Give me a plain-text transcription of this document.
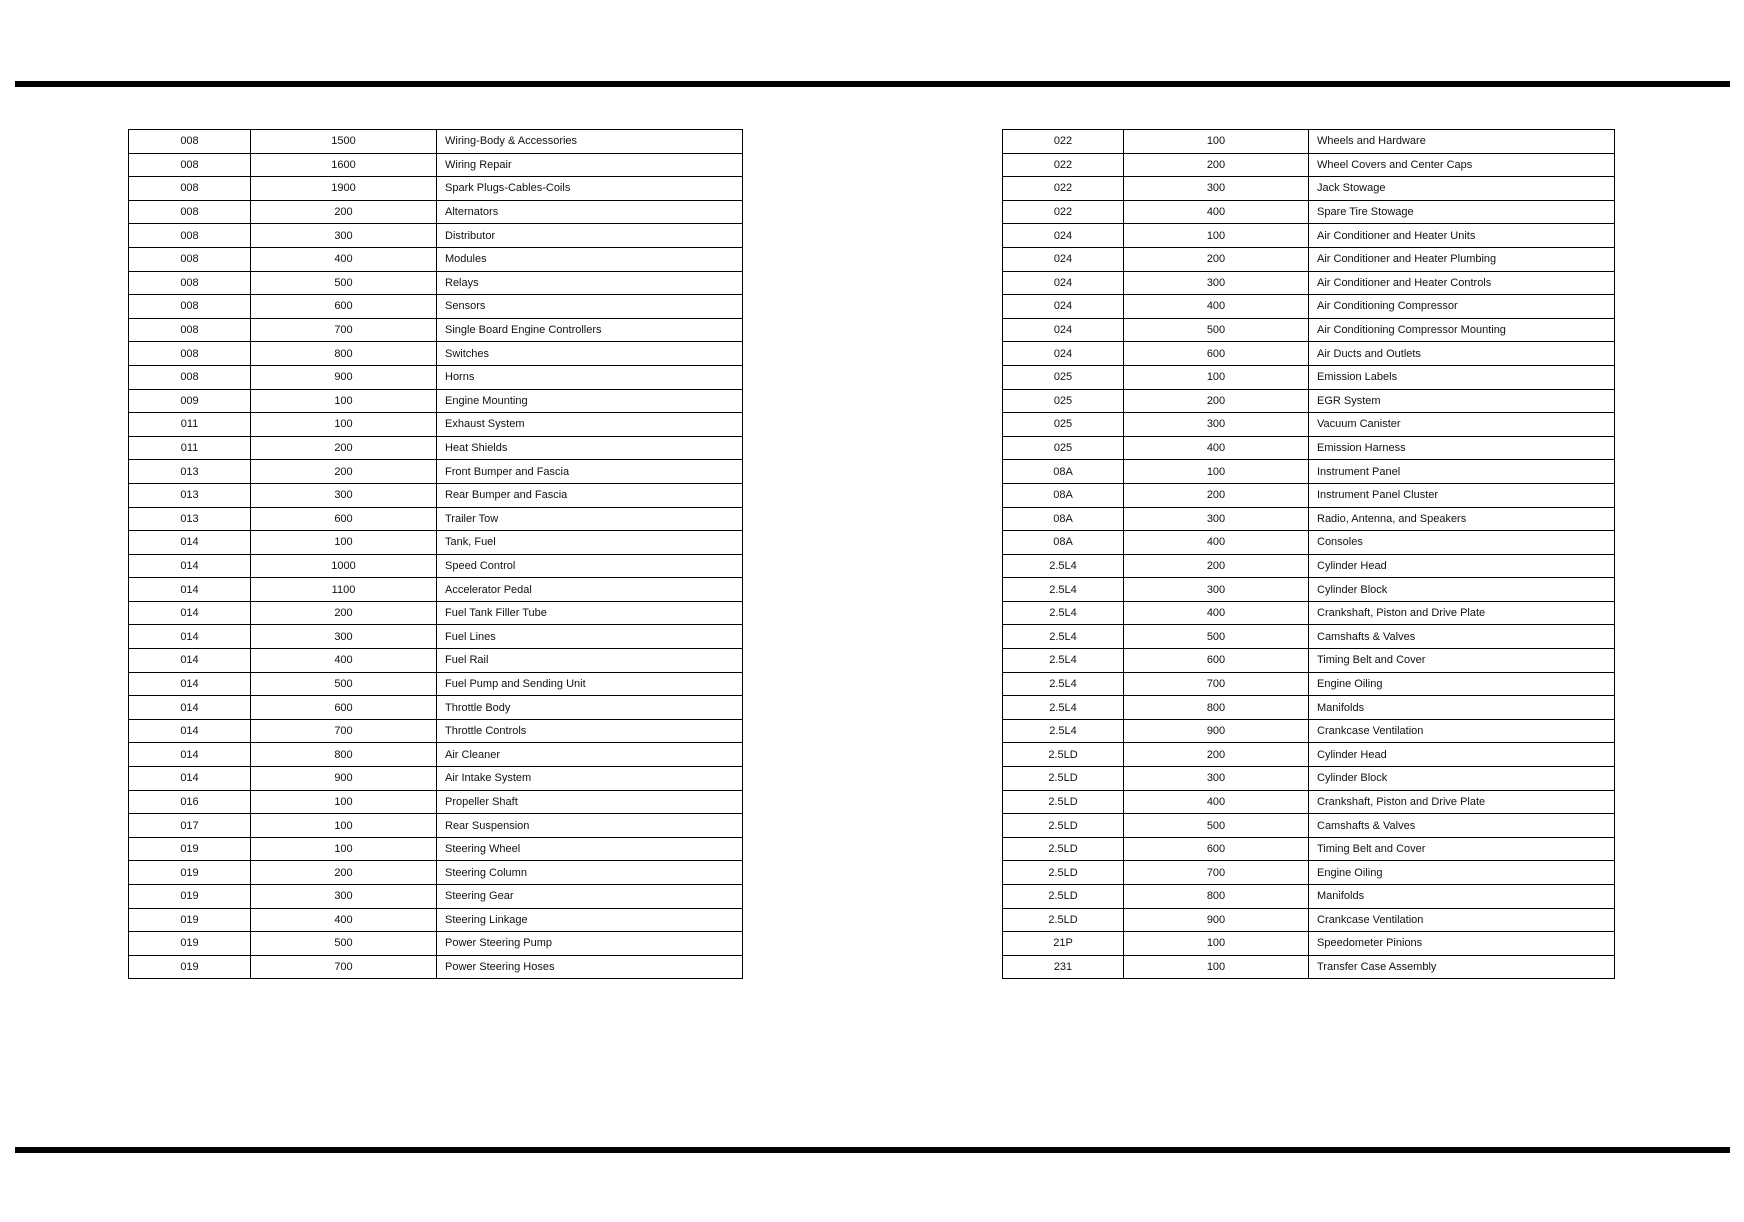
008	1500	Wiring-Body & Accessories
008	1600	Wiring Repair
008	1900	Spark Plugs-Cables-Coils
008	200	Alternators
008	300	Distributor
008	400	Modules
008	500	Relays
008	600	Sensors
008	700	Single Board Engine Controllers
008	800	Switches
008	900	Horns
009	100	Engine Mounting
011	100	Exhaust System
011	200	Heat Shields
013	200	Front Bumper and Fascia
013	300	Rear Bumper and Fascia
013	600	Trailer Tow
014	100	Tank, Fuel
014	1000	Speed Control
014	1100	Accelerator Pedal
014	200	Fuel Tank Filler Tube
014	300	Fuel Lines
014	400	Fuel Rail
014	500	Fuel Pump and Sending Unit
014	600	Throttle Body
014	700	Throttle Controls
014	800	Air Cleaner
014	900	Air Intake System
016	100	Propeller Shaft
017	100	Rear Suspension
019	100	Steering Wheel
019	200	Steering Column
019	300	Steering Gear
019	400	Steering Linkage
019	500	Power Steering Pump
019	700	Power Steering Hoses
022	100	Wheels and Hardware
022	200	Wheel Covers and Center Caps
022	300	Jack Stowage
022	400	Spare Tire Stowage
024	100	Air Conditioner and Heater Units
024	200	Air Conditioner and Heater Plumbing
024	300	Air Conditioner and Heater Controls
024	400	Air Conditioning Compressor
024	500	Air Conditioning Compressor Mounting
024	600	Air Ducts and Outlets
025	100	Emission Labels
025	200	EGR System
025	300	Vacuum Canister
025	400	Emission Harness
08A	100	Instrument Panel
08A	200	Instrument Panel Cluster
08A	300	Radio, Antenna, and Speakers
08A	400	Consoles
2.5L4	200	Cylinder Head
2.5L4	300	Cylinder Block
2.5L4	400	Crankshaft, Piston and Drive Plate
2.5L4	500	Camshafts & Valves
2.5L4	600	Timing Belt and Cover
2.5L4	700	Engine Oiling
2.5L4	800	Manifolds
2.5L4	900	Crankcase Ventilation
2.5LD	200	Cylinder Head
2.5LD	300	Cylinder Block
2.5LD	400	Crankshaft, Piston and Drive Plate
2.5LD	500	Camshafts & Valves
2.5LD	600	Timing Belt and Cover
2.5LD	700	Engine Oiling
2.5LD	800	Manifolds
2.5LD	900	Crankcase Ventilation
21P	100	Speedometer Pinions
231	100	Transfer Case Assembly
